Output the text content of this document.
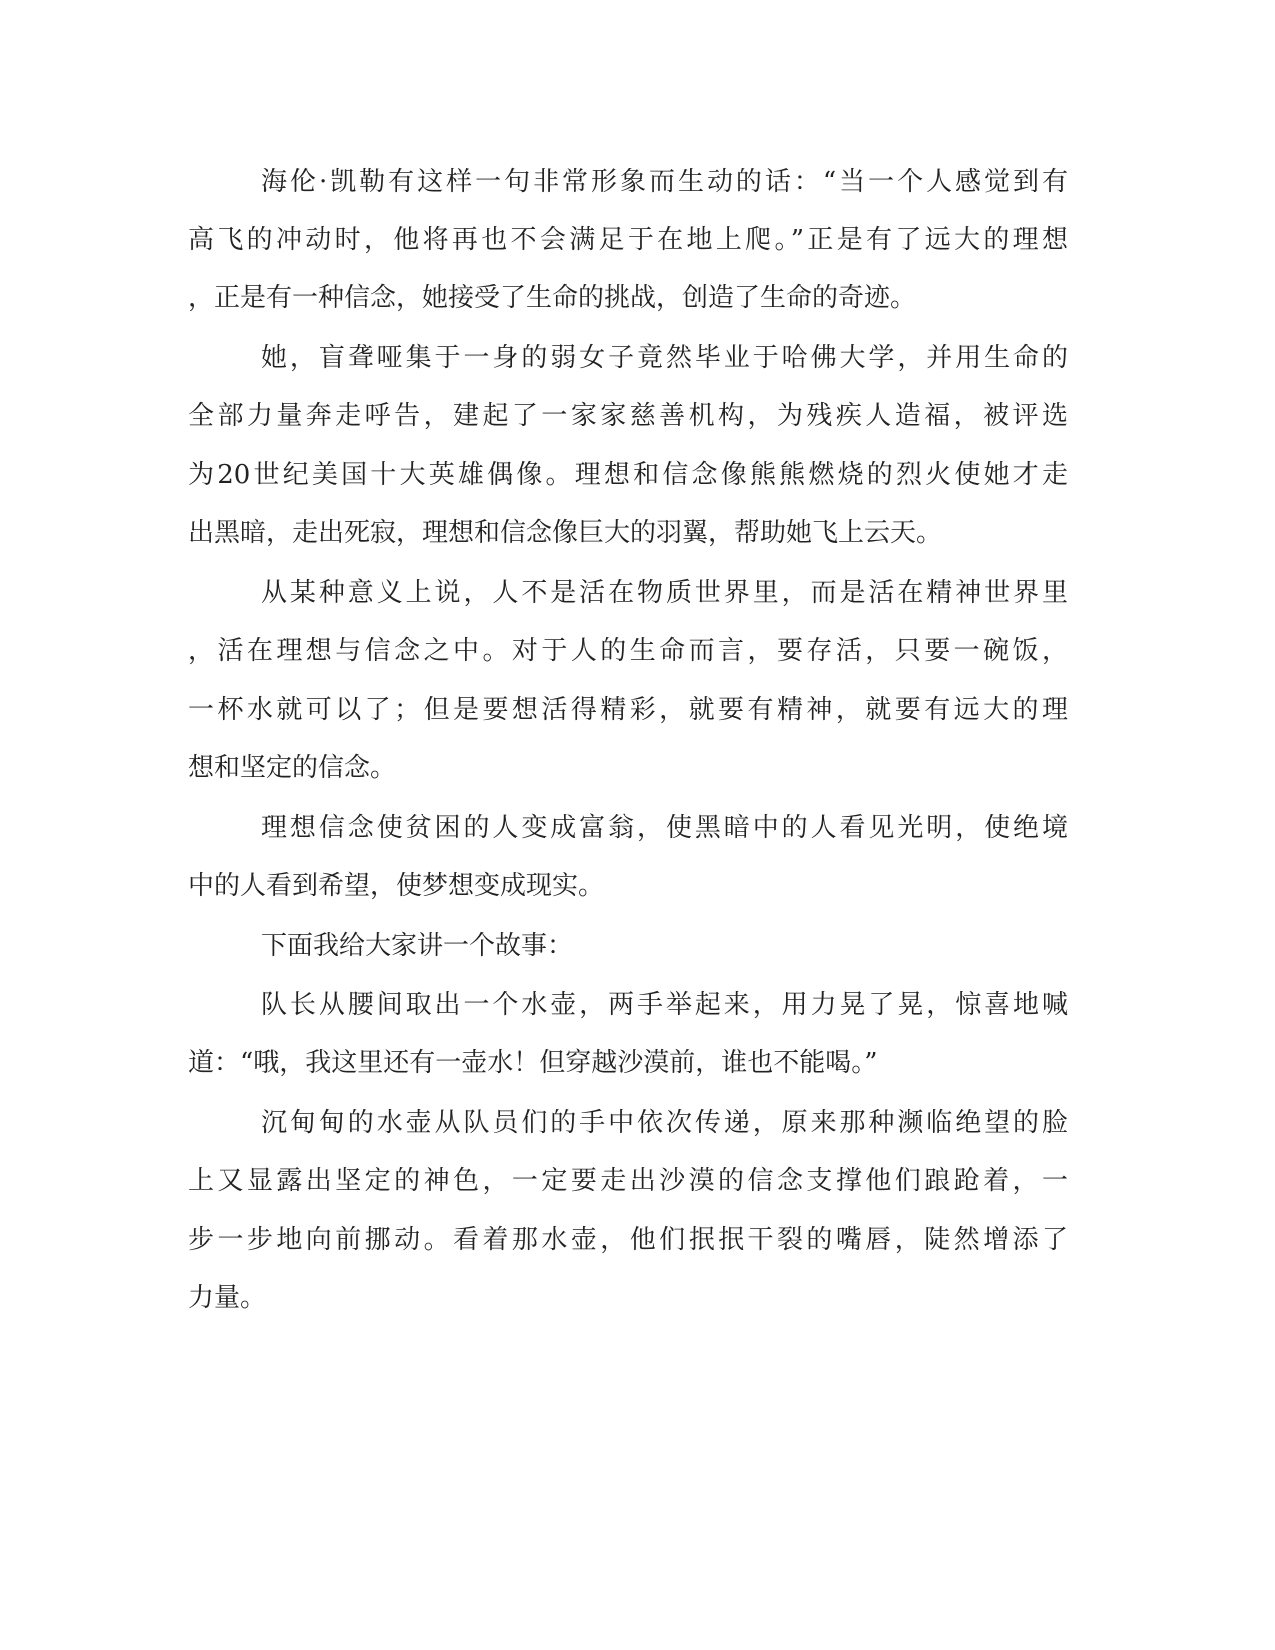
海伦·凯勒有这样一句非常形象而生动的话：“当一个人感觉到有
高飞的冲动时，他将再也不会满足于在地上爬。”正是有了远大的理想
，正是有一种信念，她接受了生命的挑战，创造了生命的奇迹。
她，盲聋哑集于一身的弱女子竟然毕业于哈佛大学，并用生命的
全部力量奔走呼告，建起了一家家慈善机构，为残疾人造福，被评选
为20世纪美国十大英雄偶像。理想和信念像熊熊燃烧的烈火使她才走
出黑暗，走出死寂，理想和信念像巨大的羽翼，帮助她飞上云天。
从某种意义上说，人不是活在物质世界里，而是活在精神世界里
，活在理想与信念之中。对于人的生命而言，要存活，只要一碗饭，
一杯水就可以了；但是要想活得精彩，就要有精神，就要有远大的理
想和坚定的信念。
理想信念使贫困的人变成富翁，使黑暗中的人看见光明，使绝境
中的人看到希望，使梦想变成现实。
下面我给大家讲一个故事：
队长从腰间取出一个水壶，两手举起来，用力晃了晃，惊喜地喊
道：“哦，我这里还有一壶水！但穿越沙漠前，谁也不能喝。”
沉甸甸的水壶从队员们的手中依次传递，原来那种濒临绝望的脸
上又显露出坚定的神色，一定要走出沙漠的信念支撑他们踉跄着，一
步一步地向前挪动。看着那水壶，他们抿抿干裂的嘴唇，陡然增添了
力量。
